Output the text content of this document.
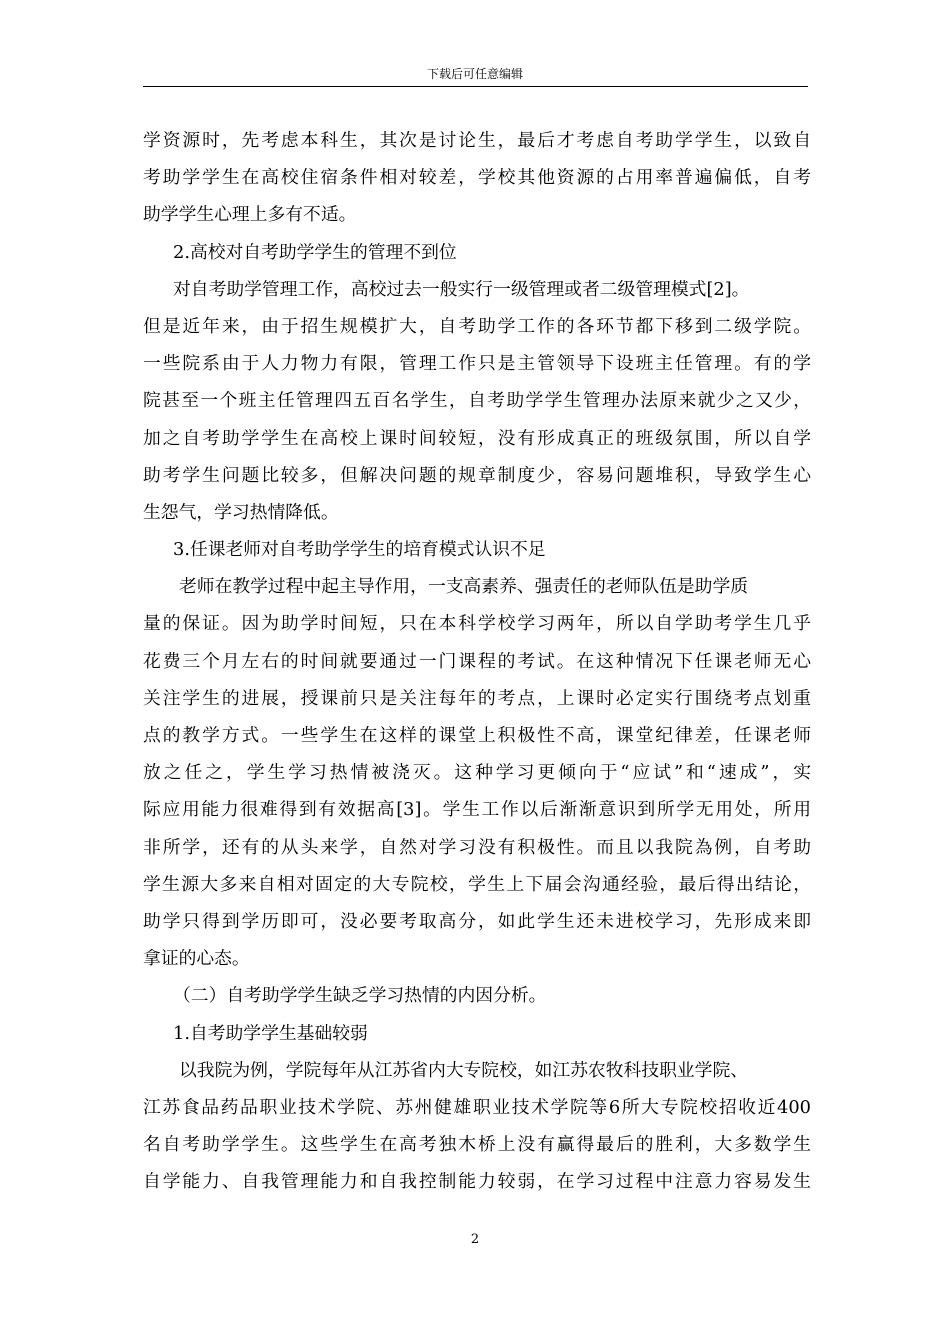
下载后可任意编辑
学资源时，先考虑本科生，其次是讨论生，最后才考虑自考助学学生，以致自
考助学学生在高校住宿条件相对较差，学校其他资源的占用率普遍偏低，自考
助学学生心理上多有不适。
2.高校对自考助学学生的管理不到位
对自考助学管理工作，高校过去一般实行一级管理或者二级管理模式[2]。
但是近年来，由于招生规模扩大，自考助学工作的各环节都下移到二级学院。
一些院系由于人力物力有限，管理工作只是主管领导下设班主任管理。有的学
院甚至一个班主任管理四五百名学生，自考助学学生管理办法原来就少之又少，
加之自考助学学生在高校上课时间较短，没有形成真正的班级氛围，所以自学
助考学生问题比较多，但解决问题的规章制度少，容易问题堆积，导致学生心
生怨气，学习热情降低。
3.任课老师对自考助学学生的培育模式认识不足
老师在教学过程中起主导作用，一支高素养、强责任的老师队伍是助学质
量的保证。因为助学时间短，只在本科学校学习两年，所以自学助考学生几乎
花费三个月左右的时间就要通过一门课程的考试。在这种情况下任课老师无心
关注学生的进展，授课前只是关注每年的考点，上课时必定实行围绕考点划重
点的教学方式。一些学生在这样的课堂上积极性不高，课堂纪律差，任课老师
放之任之，学生学习热情被浇灭。这种学习更倾向于“应试”和“速成”，实
际应用能力很难得到有效据高[3]。学生工作以后渐渐意识到所学无用处，所用
非所学，还有的从头来学，自然对学习没有积极性。而且以我院為例，自考助
学生源大多来自相对固定的大专院校，学生上下届会沟通经验，最后得出结论，
助学只得到学历即可，没必要考取高分，如此学生还未进校学习，先形成来即
拿证的心态。
（二）自考助学学生缺乏学习热情的内因分析。
1.自考助学学生基础较弱
以我院为例，学院每年从江苏省内大专院校，如江苏农牧科技职业学院、
江苏食品药品职业技术学院、苏州健雄职业技术学院等6所大专院校招收近400
名自考助学学生。这些学生在高考独木桥上没有赢得最后的胜利，大多数学生
自学能力、自我管理能力和自我控制能力较弱，在学习过程中注意力容易发生
2
